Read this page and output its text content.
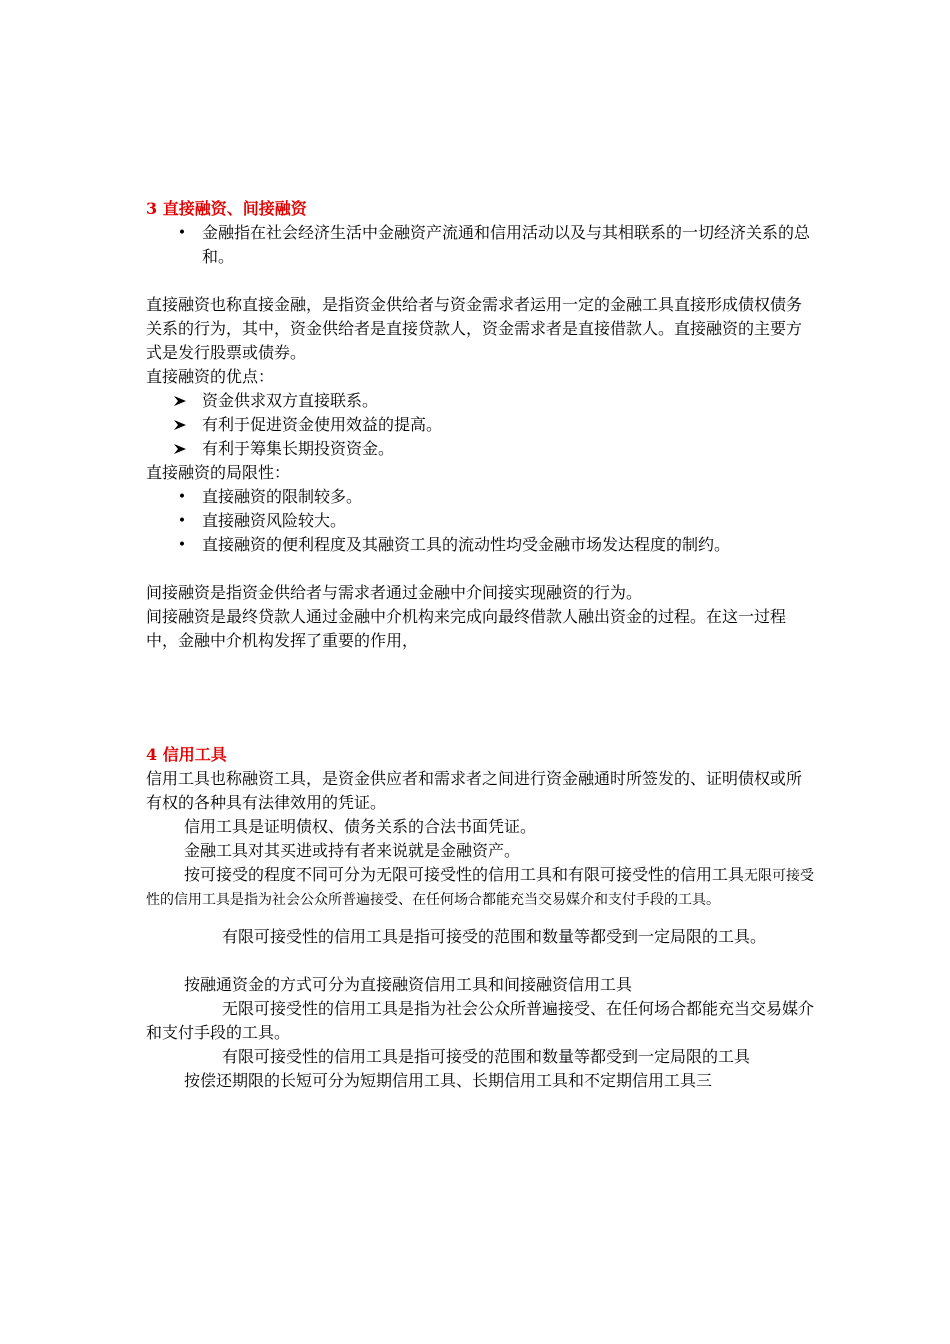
3 直接融资、间接融资
• 金融指在社会经济生活中金融资产流通和信用活动以及与其相联系的一切经济关系的总和。

直接融资也称直接金融，是指资金供给者与资金需求者运用一定的金融工具直接形成债权债务关系的行为，其中，资金供给者是直接贷款人，资金需求者是直接借款人。直接融资的主要方式是发行股票或债券。

直接融资的优点：

资金供求双方直接联系。
有利于促进资金使用效益的提高。
有利于筹集长期投资资金。

直接融资的局限性：

• 直接融资的限制较多。
• 直接融资风险较大。
• 直接融资的便利程度及其融资工具的流动性均受金融市场发达程度的制约。

间接融资是指资金供给者与需求者通过金融中介间接实现融资的行为。

间接融资是最终贷款人通过金融中介机构来完成向最终借款人融出资金的过程。在这一过程中，金融中介机构发挥了重要的作用，

4 信用工具

信用工具也称融资工具，是资金供应者和需求者之间进行资金融通时所签发的、证明债权或所有权的各种具有法律效用的凭证。

信用工具是证明债权、债务关系的合法书面凭证。

金融工具对其买进或持有者来说就是金融资产。

按可接受的程度不同可分为无限可接受性的信用工具和有限可接受性的信用工具无限可接受性的信用工具是指为社会公众所普遍接受、在任何场合都能充当交易媒介和支付手段的工具。

有限可接受性的信用工具是指可接受的范围和数量等都受到一定局限的工具。

按融通资金的方式可分为直接融资信用工具和间接融资信用工具

无限可接受性的信用工具是指为社会公众所普遍接受、在任何场合都能充当交易媒介和支付手段的工具。

有限可接受性的信用工具是指可接受的范围和数量等都受到一定局限的工具

按偿还期限的长短可分为短期信用工具、长期信用工具和不定期信用工具三
